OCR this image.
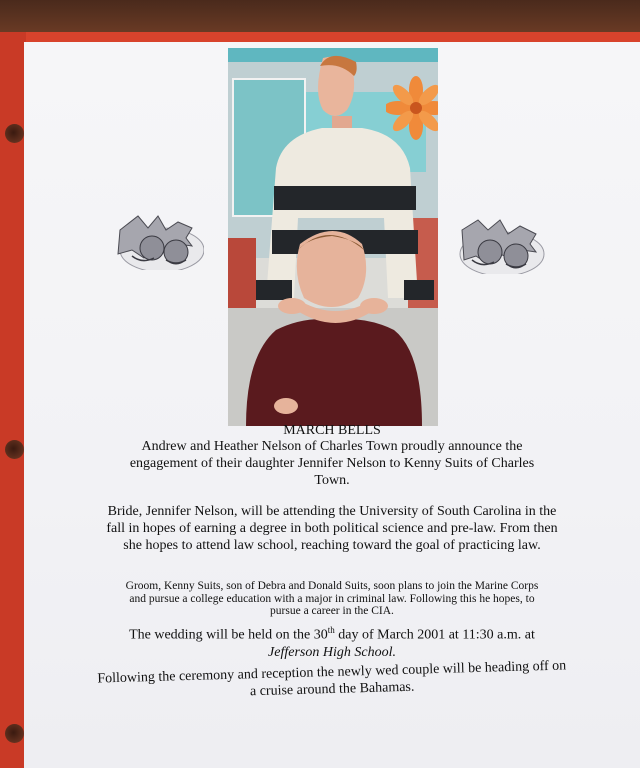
MARCH BELLS
Andrew and Heather Nelson of Charles Town proudly announce the engagement of their daughter Jennifer Nelson to Kenny Suits of Charles Town.
Bride, Jennifer Nelson, will be attending the University of South Carolina in the fall in hopes of earning a degree in both political science and pre-law. From then she hopes to attend law school, reaching toward the goal of practicing law.
Groom, Kenny Suits, son of Debra and Donald Suits, soon plans to join the Marine Corps and pursue a college education with a major in criminal law. Following this he hopes, to pursue a career in the CIA.
The wedding will be held on the 30th day of March 2001 at 11:30 a.m. at
Jefferson High School.
Following the ceremony and reception the newly wed couple will be heading off on a cruise around the Bahamas.
